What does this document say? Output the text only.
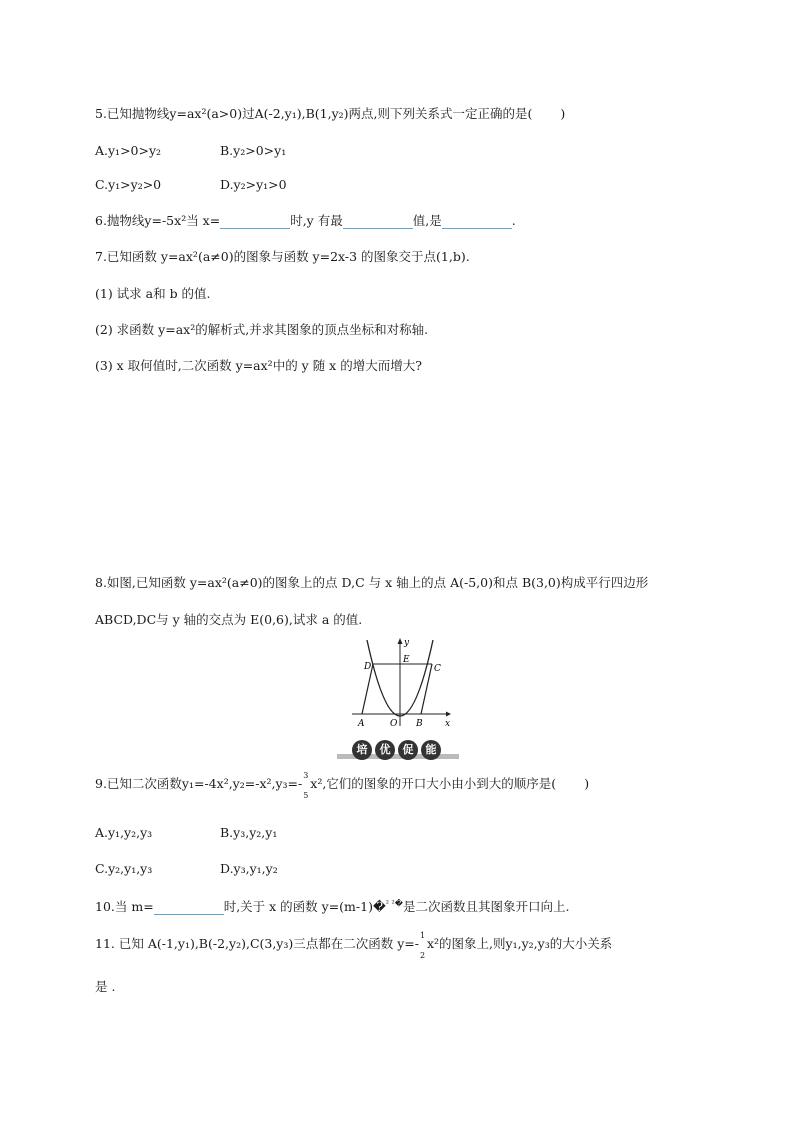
5.已知抛物线y=ax²(a>0)过A(-2,y₁),B(1,y₂)两点,则下列关系式一定正确的是( )
A.y₁>0>y₂	B.y₂>0>y₁
C.y₁>y₂>0	D.y₂>y₁>0
6.抛物线y=-5x²当 x=	时,y 有最	值,是	.
7.已知函数 y=ax²(a≠0)的图象与函数 y=2x-3 的图象交于点(1,b).
(1) 试求 a和 b 的值.
(2) 求函数 y=ax²的解析式,并求其图象的顶点坐标和对称轴.
(3) x 取何值时,二次函数 y=ax²中的 y 随 x 的增大而增大?
8.如图,已知函数 y=ax²(a≠0)的图象上的点 D,C 与 x 轴上的点 A(-5,0)和点 B(3,0)构成平行四边形
ABCD,DC与 y 轴的交点为 E(0,6),试求 a 的值.
y
x
D
E
C
A	O B
培	优	促	能
9.已知二次函数y₁=-4x²,y₂=-x²,y₃=-
3
5
x²,它们的图象的开口大小由小到大的顺序是( )
A.y₁,y₂,y₃	B.y₃,y₂,y₁
C.y₂,y₁,y₃	D.y₃,y₁,y₂
10.当 m=	时,关于 x 的函数 y=(m-1)�$^{^2 ^2�}$是二次函数且其图象开口向上.
11. 已知 A(-1,y₁),B(-2,y₂),C(3,y₃)三点都在二次函数 y=-
1
2
x²的图象上,则y₁,y₂,y₃的大小关系
是 .
